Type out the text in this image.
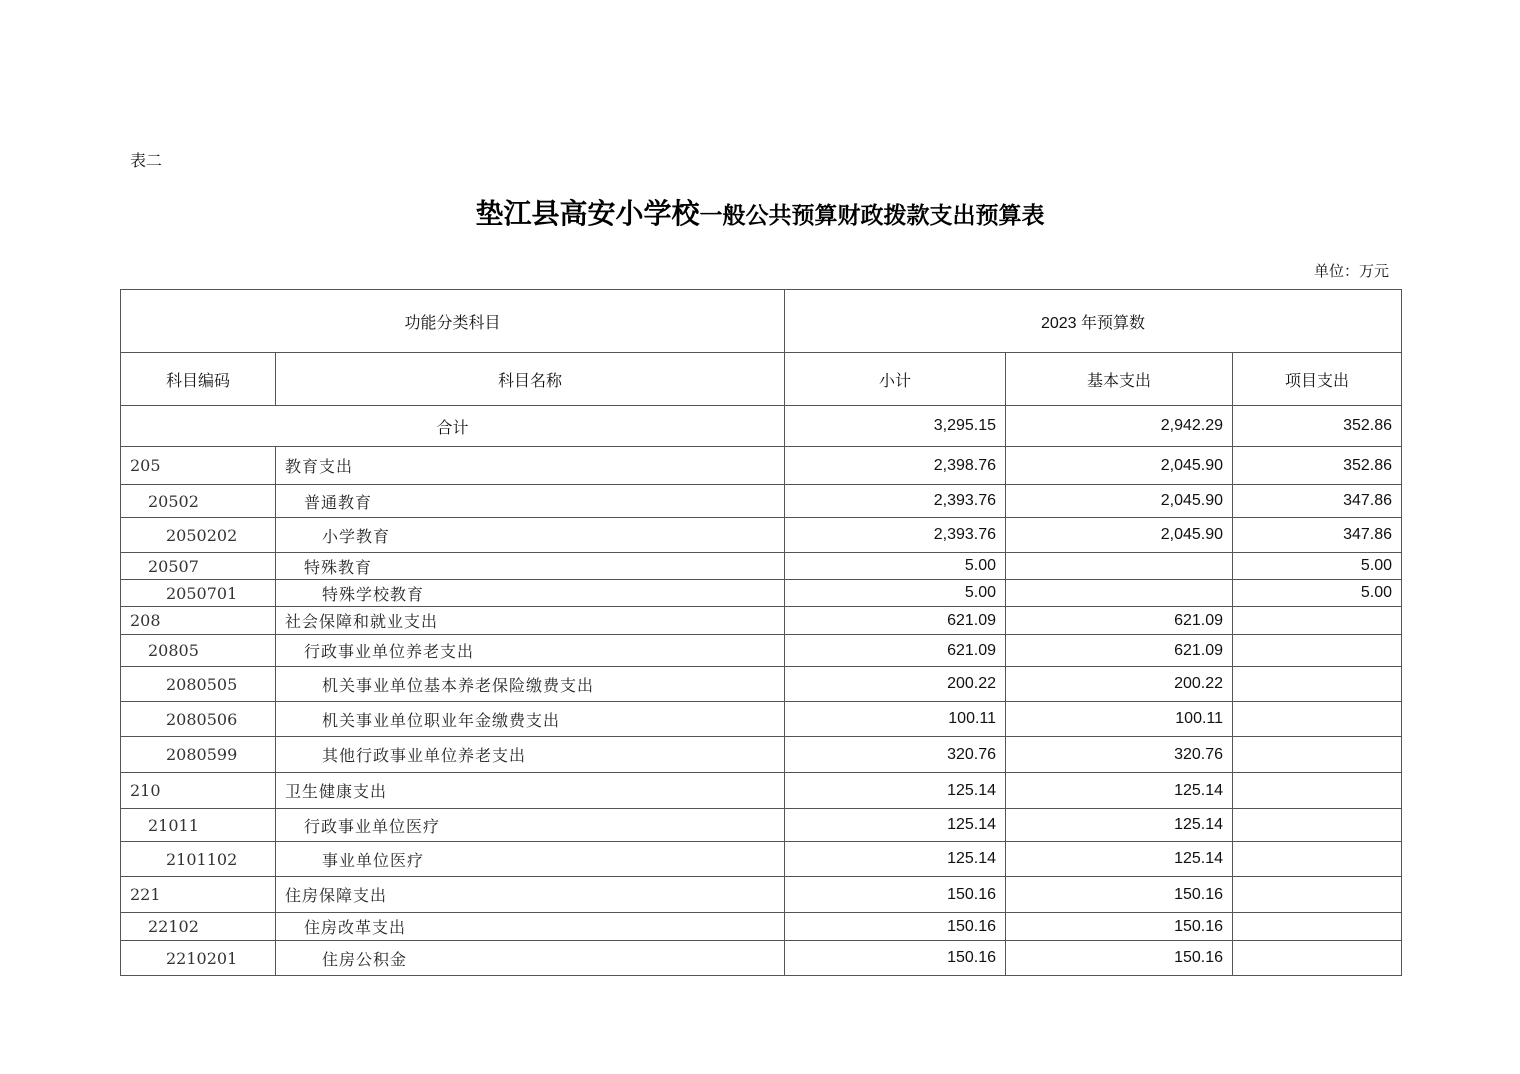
表二
垫江县高安小学校一般公共预算财政拨款支出预算表
单位：万元
功能分类科目		2023 年预算数		
科目编码	科目名称	小计	基本支出	项目支出
合计		3,295.15	2,942.29	352.86
205	教育支出	2,398.76	2,045.90	352.86
20502	普通教育	2,393.76	2,045.90	347.86
2050202	小学教育	2,393.76	2,045.90	347.86
20507	特殊教育	5.00		5.00
2050701	特殊学校教育	5.00		5.00
208	社会保障和就业支出	621.09	621.09	
20805	行政事业单位养老支出	621.09	621.09	
2080505	机关事业单位基本养老保险缴费支出	200.22	200.22	
2080506	机关事业单位职业年金缴费支出	100.11	100.11	
2080599	其他行政事业单位养老支出	320.76	320.76	
210	卫生健康支出	125.14	125.14	
21011	行政事业单位医疗	125.14	125.14	
2101102	事业单位医疗	125.14	125.14	
221	住房保障支出	150.16	150.16	
22102	住房改革支出	150.16	150.16	
2210201	住房公积金	150.16	150.16	
